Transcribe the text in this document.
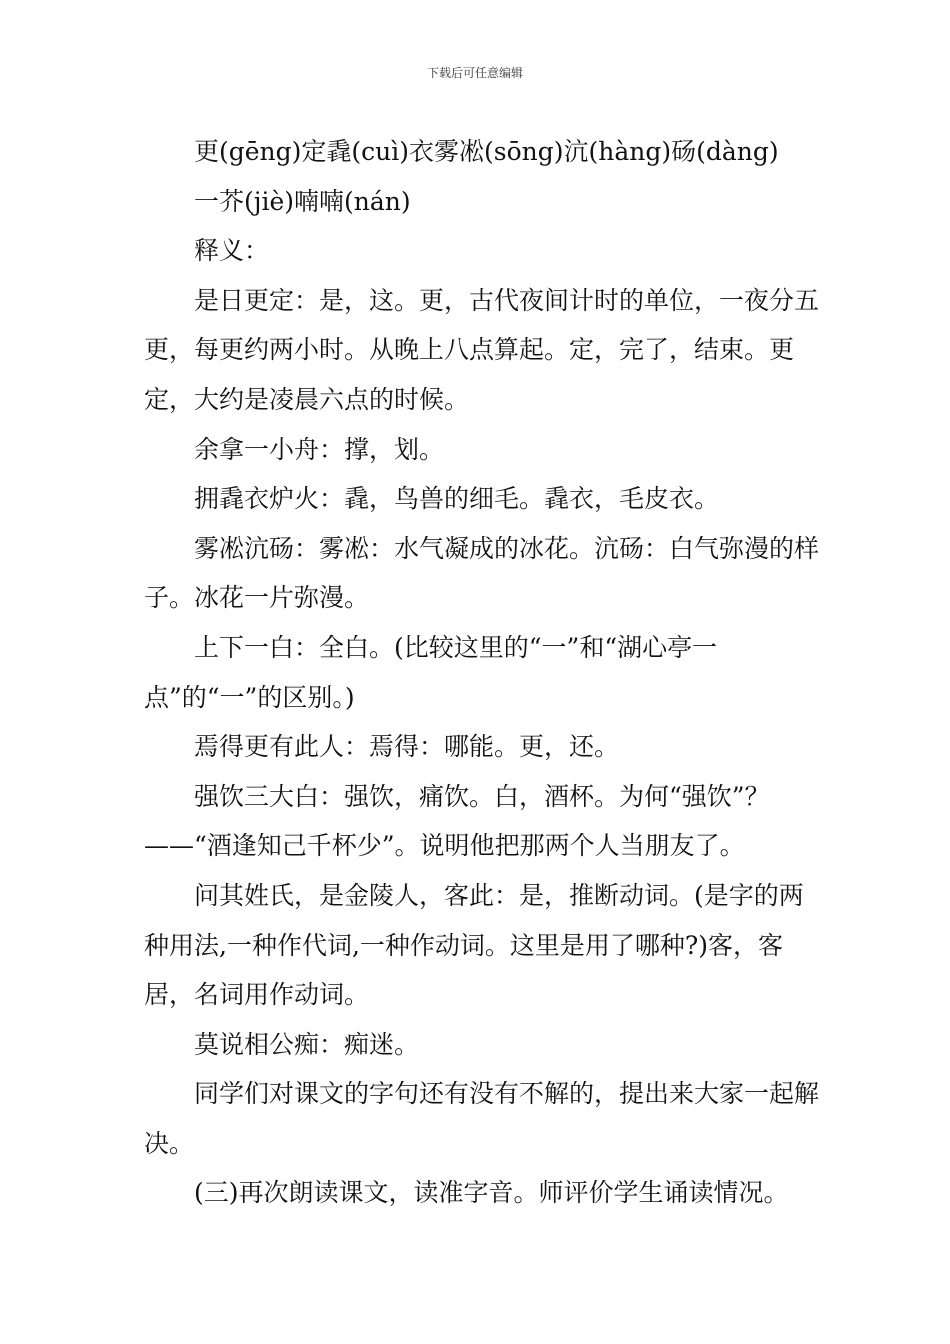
下载后可任意编辑

更(gēng)定毳(cuì)衣雾凇(sōng)沆(hàng)砀(dàng)

一芥(jiè)喃喃(nán)

释义：

是日更定：是，这。更，古代夜间计时的单位，一夜分五更，每更约两小时。从晚上八点算起。定，完了，结束。更定，大约是凌晨六点的时候。

余拿一小舟：撑，划。

拥毳衣炉火：毳，鸟兽的细毛。毳衣，毛皮衣。

雾凇沆砀：雾凇：水气凝成的冰花。沆砀：白气弥漫的样子。冰花一片弥漫。

上下一白：全白。(比较这里的“一”和“湖心亭一点”的“一”的区别。)

焉得更有此人：焉得：哪能。更，还。

强饮三大白：强饮，痛饮。白，酒杯。为何“强饮”？——“酒逢知己千杯少”。说明他把那两个人当朋友了。

问其姓氏，是金陵人，客此：是，推断动词。(是字的两种用法,一种作代词,一种作动词。这里是用了哪种?)客，客居，名词用作动词。

莫说相公痴：痴迷。

同学们对课文的字句还有没有不解的，提出来大家一起解决。

(三)再次朗读课文，读准字音。师评价学生诵读情况。
